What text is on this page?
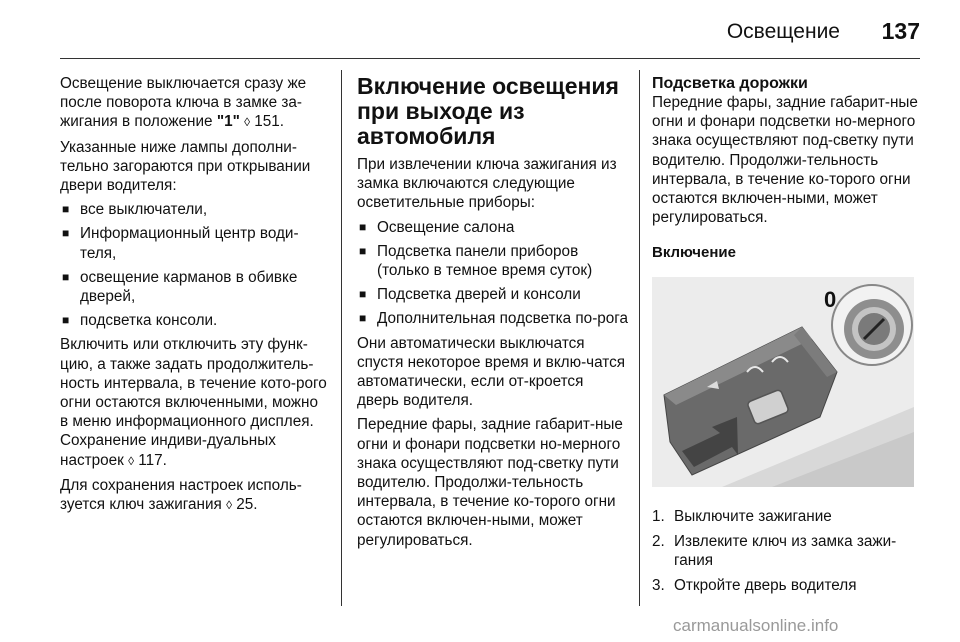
Освещение 137

Освещение выключается сразу же после поворота ключа в замке за-жигания в положение "1" ◊ 151.

Указанные ниже лампы дополни-тельно загораются при открывании двери водителя:

■ все выключатели,
■ Информационный центр води-теля,
■ освещение карманов в обивке дверей,
■ подсветка консоли.

Включить или отключить эту функ-цию, а также задать продолжитель-ность интервала, в течение кото-рого огни остаются включенными, можно в меню информационного дисплея. Сохранение индиви-дуальных настроек ◊ 117.

Для сохранения настроек исполь-зуется ключ зажигания ◊ 25.

Включение освещения при выходе из автомобиля

При извлечении ключа зажигания из замка включаются следующие осветительные приборы:

■ Освещение салона
■ Подсветка панели приборов (только в темное время суток)
■ Подсветка дверей и консоли
■ Дополнительная подсветка по-рога

Они автоматически выключатся спустя некоторое время и вклю-чатся автоматически, если от-кроется дверь водителя.

Передние фары, задние габарит-ные огни и фонари подсветки но-мерного знака осуществляют под-светку пути водителю. Продолжи-тельность интервала, в течение ко-торого огни остаются включен-ными, может регулироваться.

Подсветка дорожки

Передние фары, задние габарит-ные огни и фонари подсветки но-мерного знака осуществляют под-светку пути водителю. Продолжи-тельность интервала, в течение ко-торого огни остаются включен-ными, может регулироваться.

Включение

0
1. Выключите зажигание
2. Извлеките ключ из замка зажи-гания
3. Откройте дверь водителя
carmanualsonline.info
